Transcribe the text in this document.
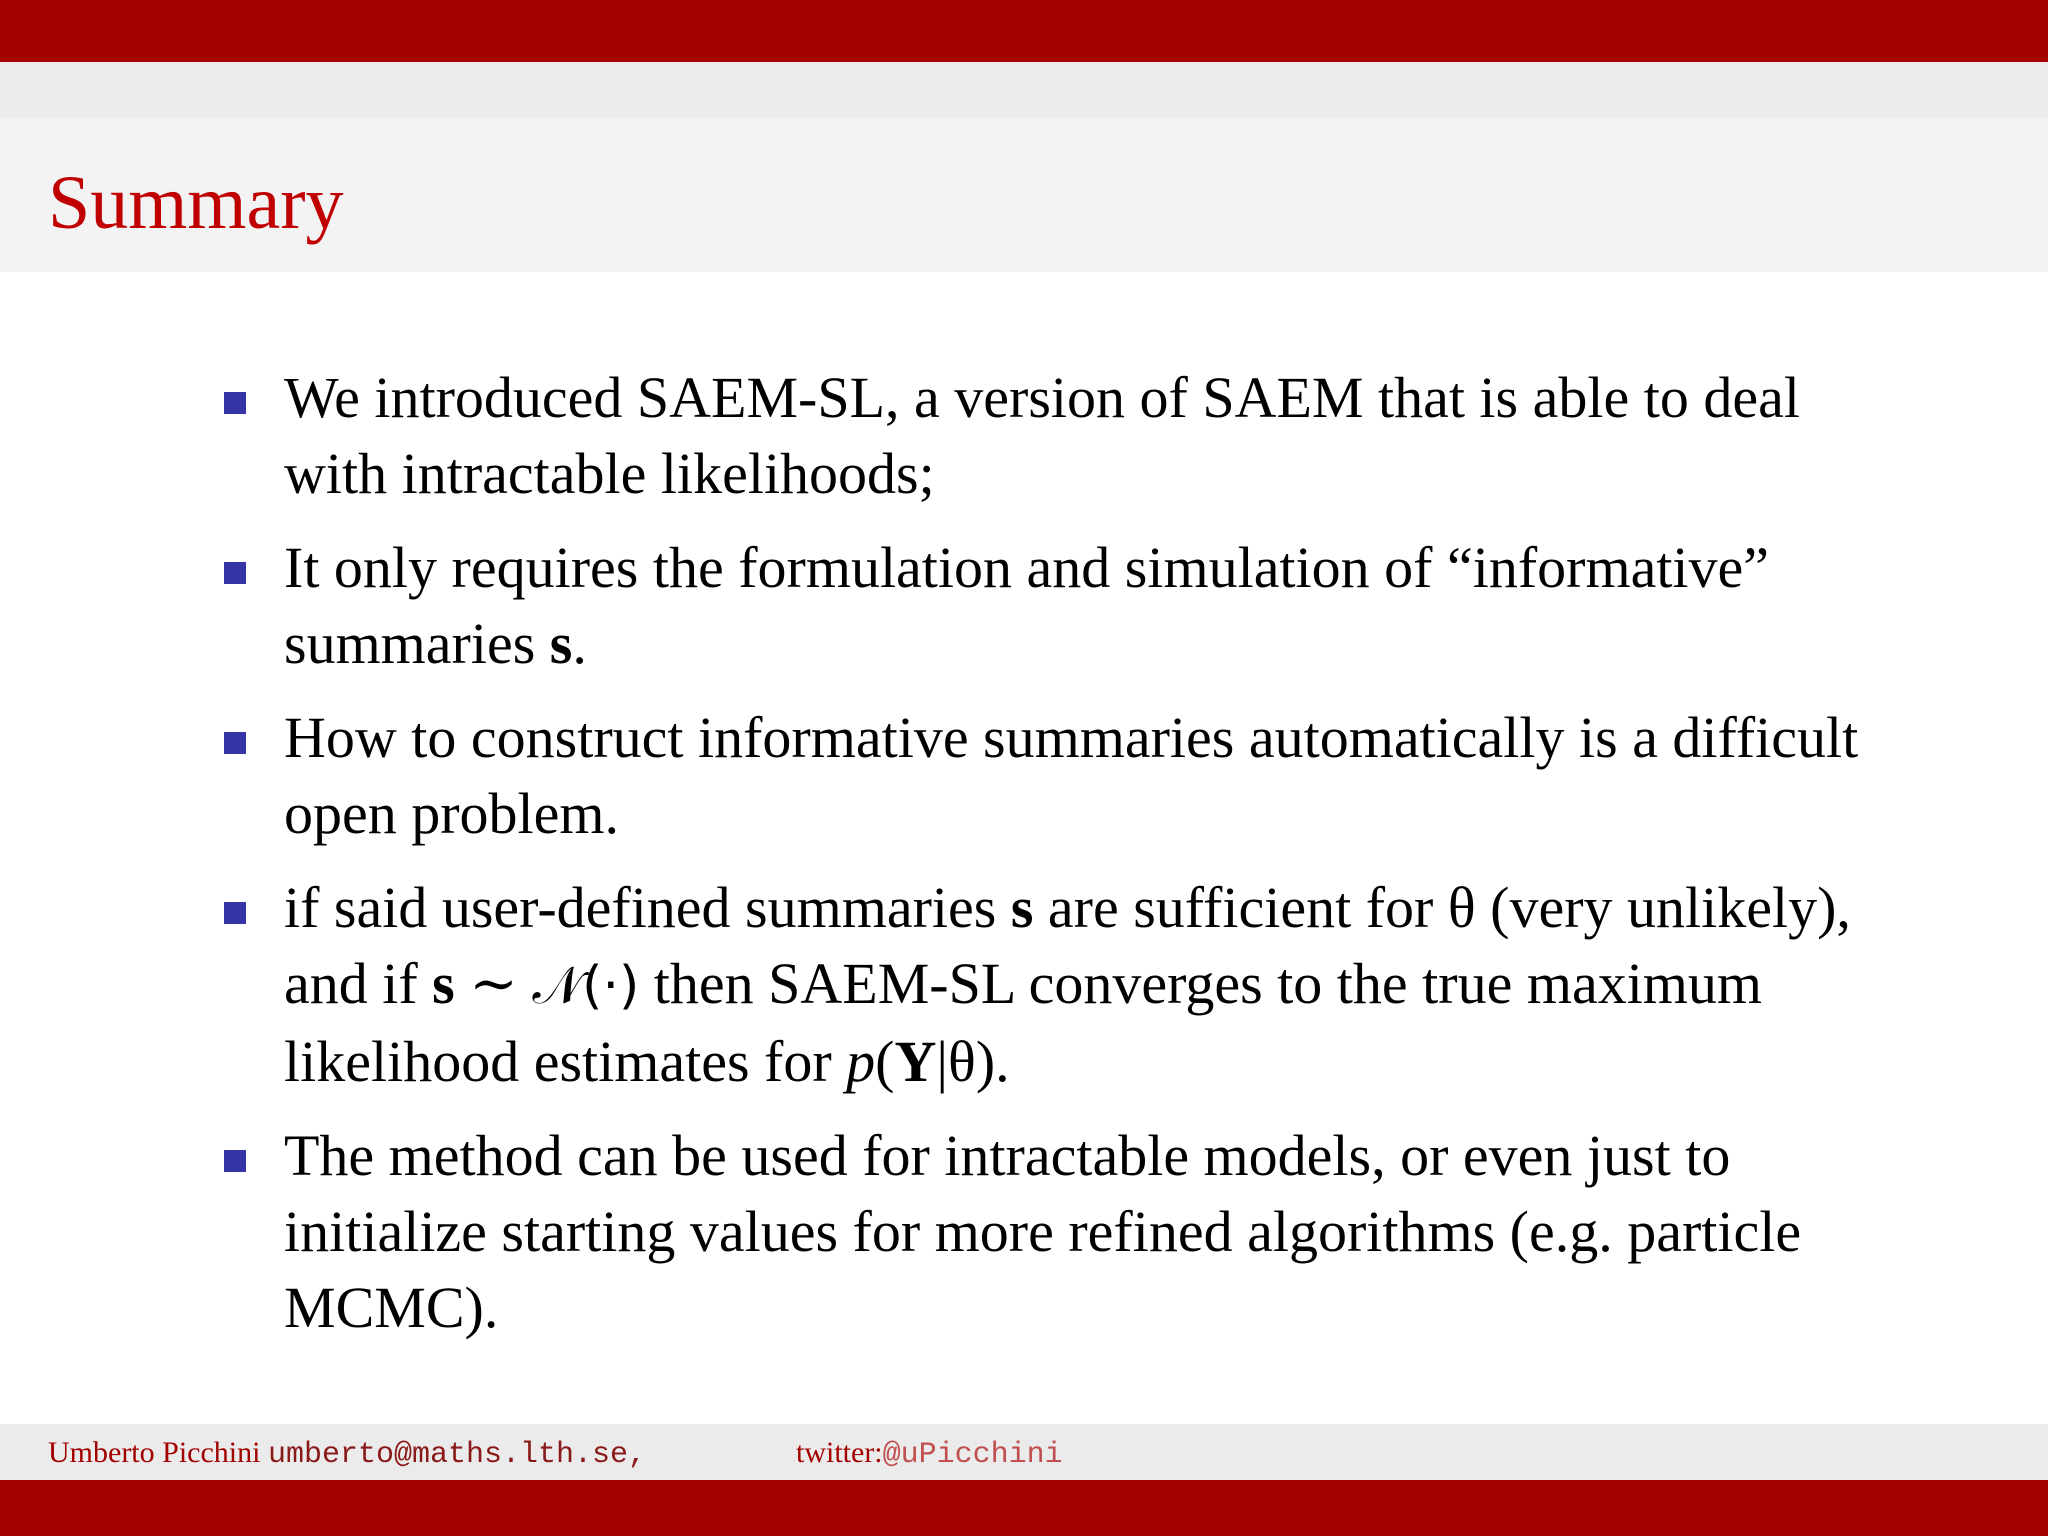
Summary
We introduced SAEM-SL, a version of SAEM that is able to deal with intractable likelihoods;
It only requires the formulation and simulation of “informative” summaries s.
How to construct informative summaries automatically is a difficult open problem.
if said user-defined summaries s are sufficient for θ (very unlikely), and if s ∼ 𝒩(·) then SAEM-SL converges to the true maximum likelihood estimates for p(Y|θ).
The method can be used for intractable models, or even just to initialize starting values for more refined algorithms (e.g. particle MCMC).
Umberto Picchini umberto@maths.lth.se,	twitter:@uPicchini
